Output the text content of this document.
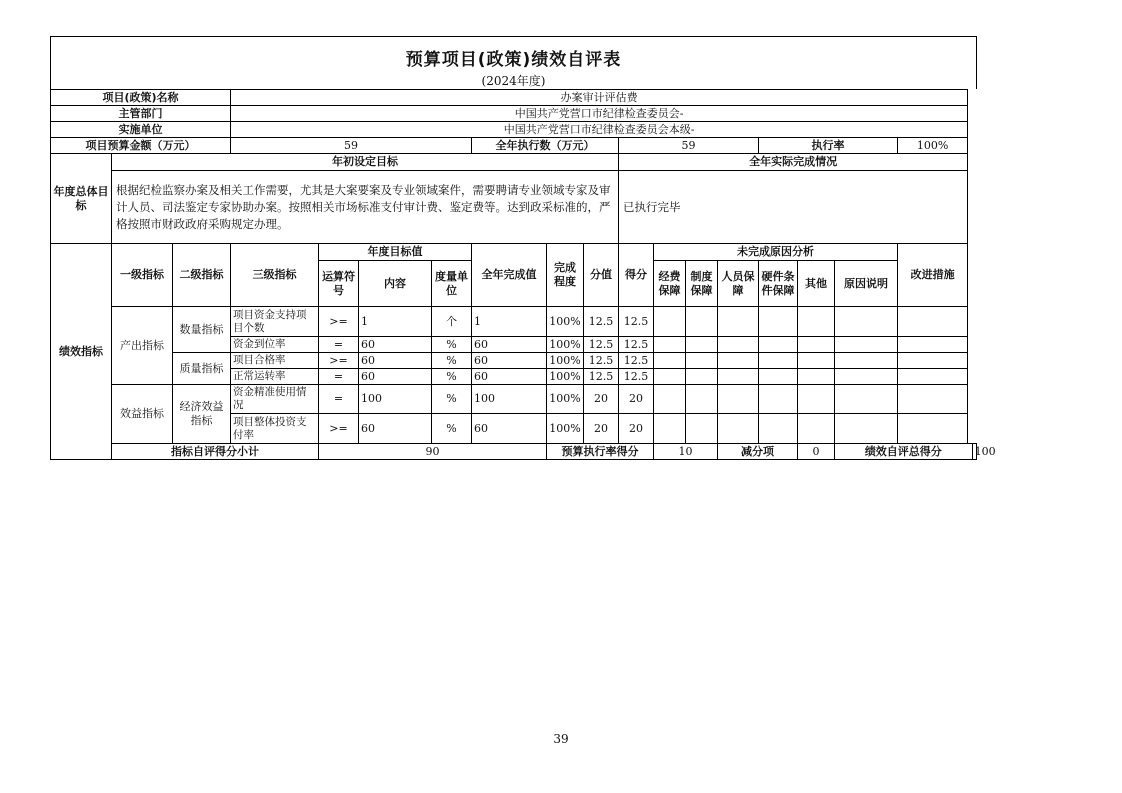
预算项目(政策)绩效自评表
(2024年度)
项目(政策)名称			办案审计评估费															
主管部门			中国共产党营口市纪律检查委员会-															
实施单位			中国共产党营口市纪律检查委员会本级-															
项目预算金额（万元）			59				全年执行数（万元）			59				执行率			100%	
年度总体目标	年初设定目标									全年实际完成情况								
	根据纪检监察办案及相关工作需要，尤其是大案要案及专业领域案件，需要聘请专业领域专家及审计人员、司法鉴定专家协助办案。按照相关市场标准支付审计费、鉴定费等。达到政采标准的，严格按照市财政政府采购规定办理。									已执行完毕								
绩效指标	一级指标	二级指标	三级指标	年度目标值			全年完成值	完成程度	分值	得分	未完成原因分析						改进措施	
				运算符号	内容	度量单位					经费保障	制度保障	人员保障	硬件条件保障	其他	原因说明		
	产出指标	数量指标	项目资金支持项目个数	>=	1	个	1	100%	12.5	12.5								
			资金到位率	=	60	%	60	100%	12.5	12.5								
		质量指标	项目合格率	>=	60	%	60	100%	12.5	12.5								
			正常运转率	=	60	%	60	100%	12.5	12.5								
	效益指标	经济效益指标	资金精准使用情况	=	100	%	100	100%	20	20								
			项目整体投资支付率	>=	60	%	60	100%	20	20								
	指标自评得分小计			90				预算执行率得分			10		减分项		0	绩效自评总得分		100
39
